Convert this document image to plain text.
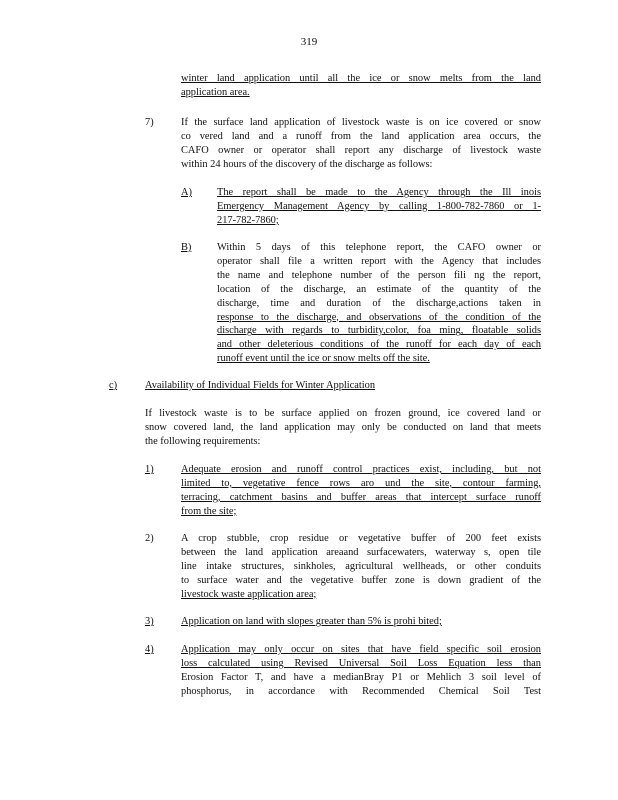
319
winter land application until all the ice or snow melts from the land
application area.
7)	If the surface land application of livestock waste is on ice covered or snow
co vered land and a runoff from the land application area occurs, the
CAFO owner or operator shall report any discharge of livestock waste
within 24 hours of the discovery of the discharge as follows:
A) The report shall be made to the Agency through the Ill inois
Emergency Management Agency by calling 1-800-782-7860 or 1-
217-782-7860;
B) Within 5 days of this telephone report, the CAFO owner or
operator shall file a written report with the Agency that includes
the name and telephone number of the person fili ng the report,
location of the discharge, an estimate of the quantity of the
discharge, time and duration of the discharge,actions taken in
response to the discharge, and observations of the condition of the
discharge with regards to turbidity,color, foa ming, floatable solids
and other deleterious conditions of the runoff for each day of each
runoff event until the ice or snow melts off the site.
c)	Availability of Individual Fields for Winter Application
If livestock waste is to be surface applied on frozen ground, ice covered land or
snow covered land, the land application may only be conducted on land that meets
the following requirements:
1)	Adequate erosion and runoff control practices exist, including, but not
limited to, vegetative fence rows aro und the site, contour farming,
terracing, catchment basins and buffer areas that intercept surface runoff
from the site;
2)	A crop stubble, crop residue or vegetative buffer of 200 feet exists
between the land application areaand surfacewaters, waterway s, open tile
line intake structures, sinkholes, agricultural wellheads, or other conduits
to surface water and the vegetative buffer zone is down gradient of the
livestock waste application area;
3)	Application on land with slopes greater than 5% is prohi bited;
4)	Application may only occur on sites that have field specific soil erosion
loss calculated using Revised Universal Soil Loss Equation less than
Erosion Factor T, and have a medianBray P1 or Mehlich 3 soil level of
phosphorus, in accordance with Recommended Chemical Soil Test
